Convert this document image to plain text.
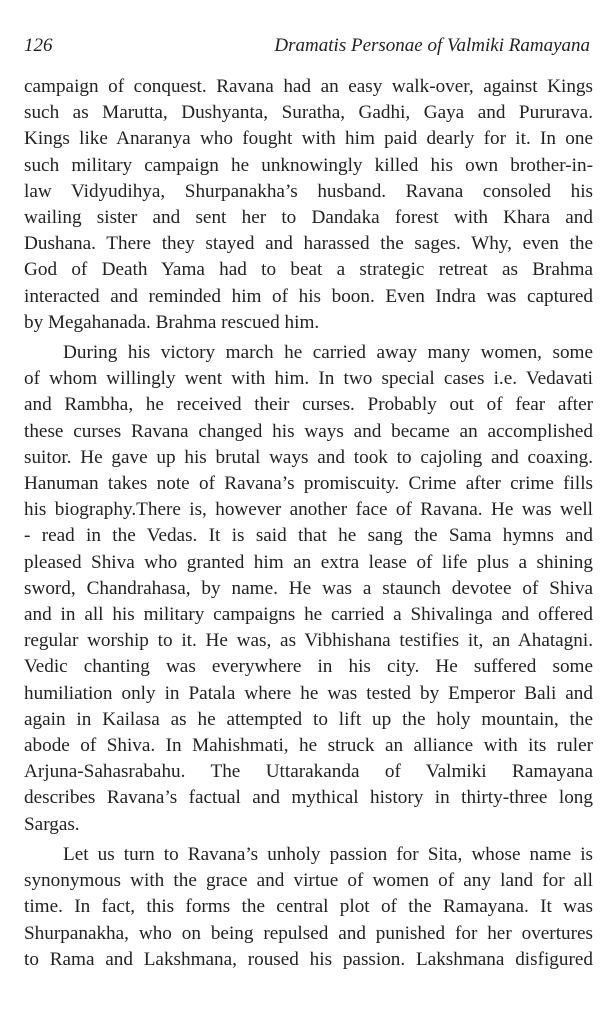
126	Dramatis Personae of Valmiki Ramayana

campaign of conquest. Ravana had an easy walk-over, against Kings
such as Marutta, Dushyanta, Suratha, Gadhi, Gaya and Pururava.
Kings like Anaranya who fought with him paid dearly for it. In one
such military campaign he unknowingly killed his own brother-in-
law Vidyudihya, Shurpanakha’s husband. Ravana consoled his
wailing sister and sent her to Dandaka forest with Khara and
Dushana. There they stayed and harassed the sages. Why, even the
God of Death Yama had to beat a strategic retreat as Brahma
interacted and reminded him of his boon. Even Indra was captured
by Megahanada. Brahma rescued him.

During his victory march he carried away many women, some
of whom willingly went with him. In two special cases i.e. Vedavati
and Rambha, he received their curses. Probably out of fear after
these curses Ravana changed his ways and became an accomplished
suitor. He gave up his brutal ways and took to cajoling and coaxing.
Hanuman takes note of Ravana’s promiscuity. Crime after crime fills
his biography.There is, however another face of Ravana. He was well
- read in the Vedas. It is said that he sang the Sama hymns and
pleased Shiva who granted him an extra lease of life plus a shining
sword, Chandrahasa, by name. He was a staunch devotee of Shiva
and in all his military campaigns he carried a Shivalinga and offered
regular worship to it. He was, as Vibhishana testifies it, an Ahatagni.
Vedic chanting was everywhere in his city. He suffered some
humiliation only in Patala where he was tested by Emperor Bali and
again in Kailasa as he attempted to lift up the holy mountain, the
abode of Shiva. In Mahishmati, he struck an alliance with its ruler
Arjuna-Sahasrabahu. The Uttarakanda of Valmiki Ramayana
describes Ravana’s factual and mythical history in thirty-three long
Sargas.

Let us turn to Ravana’s unholy passion for Sita, whose name is
synonymous with the grace and virtue of women of any land for all
time. In fact, this forms the central plot of the Ramayana. It was
Shurpanakha, who on being repulsed and punished for her overtures
to Rama and Lakshmana, roused his passion. Lakshmana disfigured
